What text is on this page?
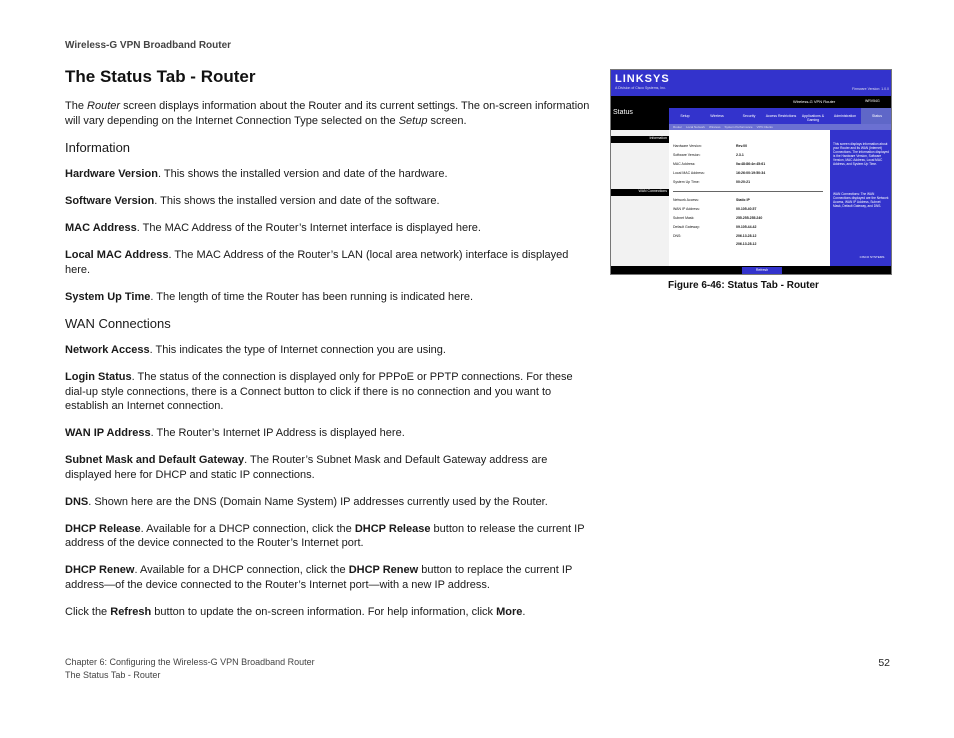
Wireless-G VPN Broadband Router
The Status Tab - Router

The Router screen displays information about the Router and its current settings. The on-screen information will vary depending on the Internet Connection Type selected on the Setup screen.

Information

Hardware Version. This shows the installed version and date of the hardware.

Software Version. This shows the installed version and date of the software.

MAC Address. The MAC Address of the Router’s Internet interface is displayed here.

Local MAC Address. The MAC Address of the Router’s LAN (local area network) interface is displayed here.

System Up Time. The length of time the Router has been running is indicated here.

WAN Connections

Network Access. This indicates the type of Internet connection you are using.

Login Status. The status of the connection is displayed only for PPPoE or PPTP connections. For these dial-up style connections, there is a Connect button to click if there is no connection and you want to establish an Internet connection.

WAN IP Address. The Router’s Internet IP Address is displayed here.

Subnet Mask and Default Gateway. The Router’s Subnet Mask and Default Gateway address are displayed here for DHCP and static IP connections.

DNS. Shown here are the DNS (Domain Name System) IP addresses currently used by the Router.

DHCP Release. Available for a DHCP connection, click the DHCP Release button to release the current IP address of the device connected to the Router’s Internet port.

DHCP Renew. Available for a DHCP connection, click the DHCP Renew button to replace the current IP address—of the device connected to the Router’s Internet port—with a new IP address.

Click the Refresh button to update the on-screen information. For help information, click More.

LINKSYS
A Division of Cisco Systems, Inc.	Firmware Version: 1.0.0
Status
Wireless-G VPN Router	WRV54G
Setup	Wireless	Security	Access Restrictions	Applications & Gaming
Administration	Status
Router Local Network Wireless System Performance VPN Clients
Information
WAN Connections
Hardware Version:	Rev.00
Software Version:	2.3.1
MAC Address:	0a:48:86:4e:45:61
Local MAC Address:	16:26:00:19:50:34
System Up Time:	00:20:21
Network Access:	Static IP
WAN IP Address:	00.105.40.57
Subnet Mask:	255.255.255.240
Default Gateway:	09.105.44.42
DNS:	206.13.28.12
206.13.28.12
This screen displays information about your Router and its WAN (Internet) Connections. The information displayed is the Hardware Version, Software Version, MAC Address, Local MAC Address, and System Up Time.
WAN Connections: The WAN Connections displayed are the Network Access, WAN IP Address, Subnet Mask, Default Gateway, and DNS.
CISCO SYSTEMS
Refresh
Figure 6-46: Status Tab - Router
Chapter 6: Configuring the Wireless-G VPN Broadband Router
The Status Tab - Router
52
